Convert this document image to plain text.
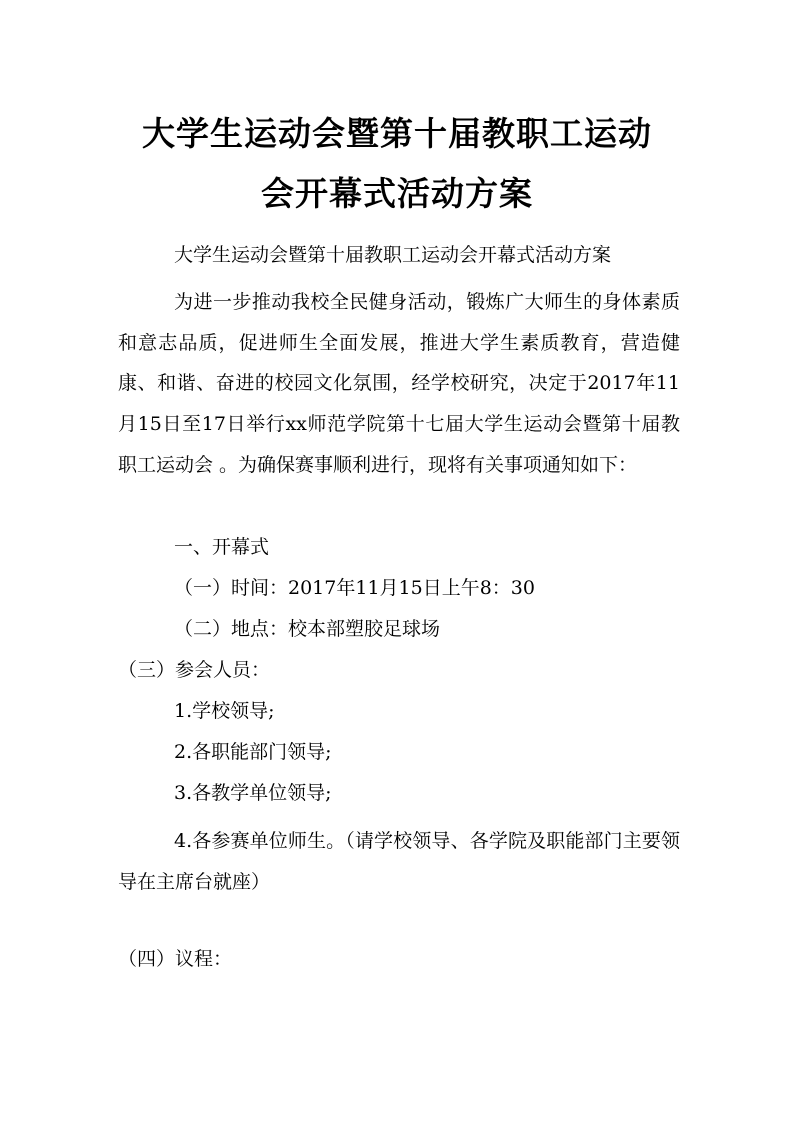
大学生运动会暨第十届教职工运动
会开幕式活动方案
大学生运动会暨第十届教职工运动会开幕式活动方案

为进一步推动我校全民健身活动，锻炼广大师生的身体素质和意志品质，促进师生全面发展，推进大学生素质教育，营造健康、和谐、奋进的校园文化氛围，经学校研究，决定于2017年11月15日至17日举行xx师范学院第十七届大学生运动会暨第十届教职工运动会 。为确保赛事顺利进行，现将有关事项通知如下：

一、开幕式
（一）时间：2017年11月15日上午8：30
（二）地点：校本部塑胶足球场
（三）参会人员：
1.学校领导;
2.各职能部门领导;
3.各教学单位领导;

4.各参赛单位师生。（请学校领导、各学院及职能部门主要领导在主席台就座）

（四）议程：
